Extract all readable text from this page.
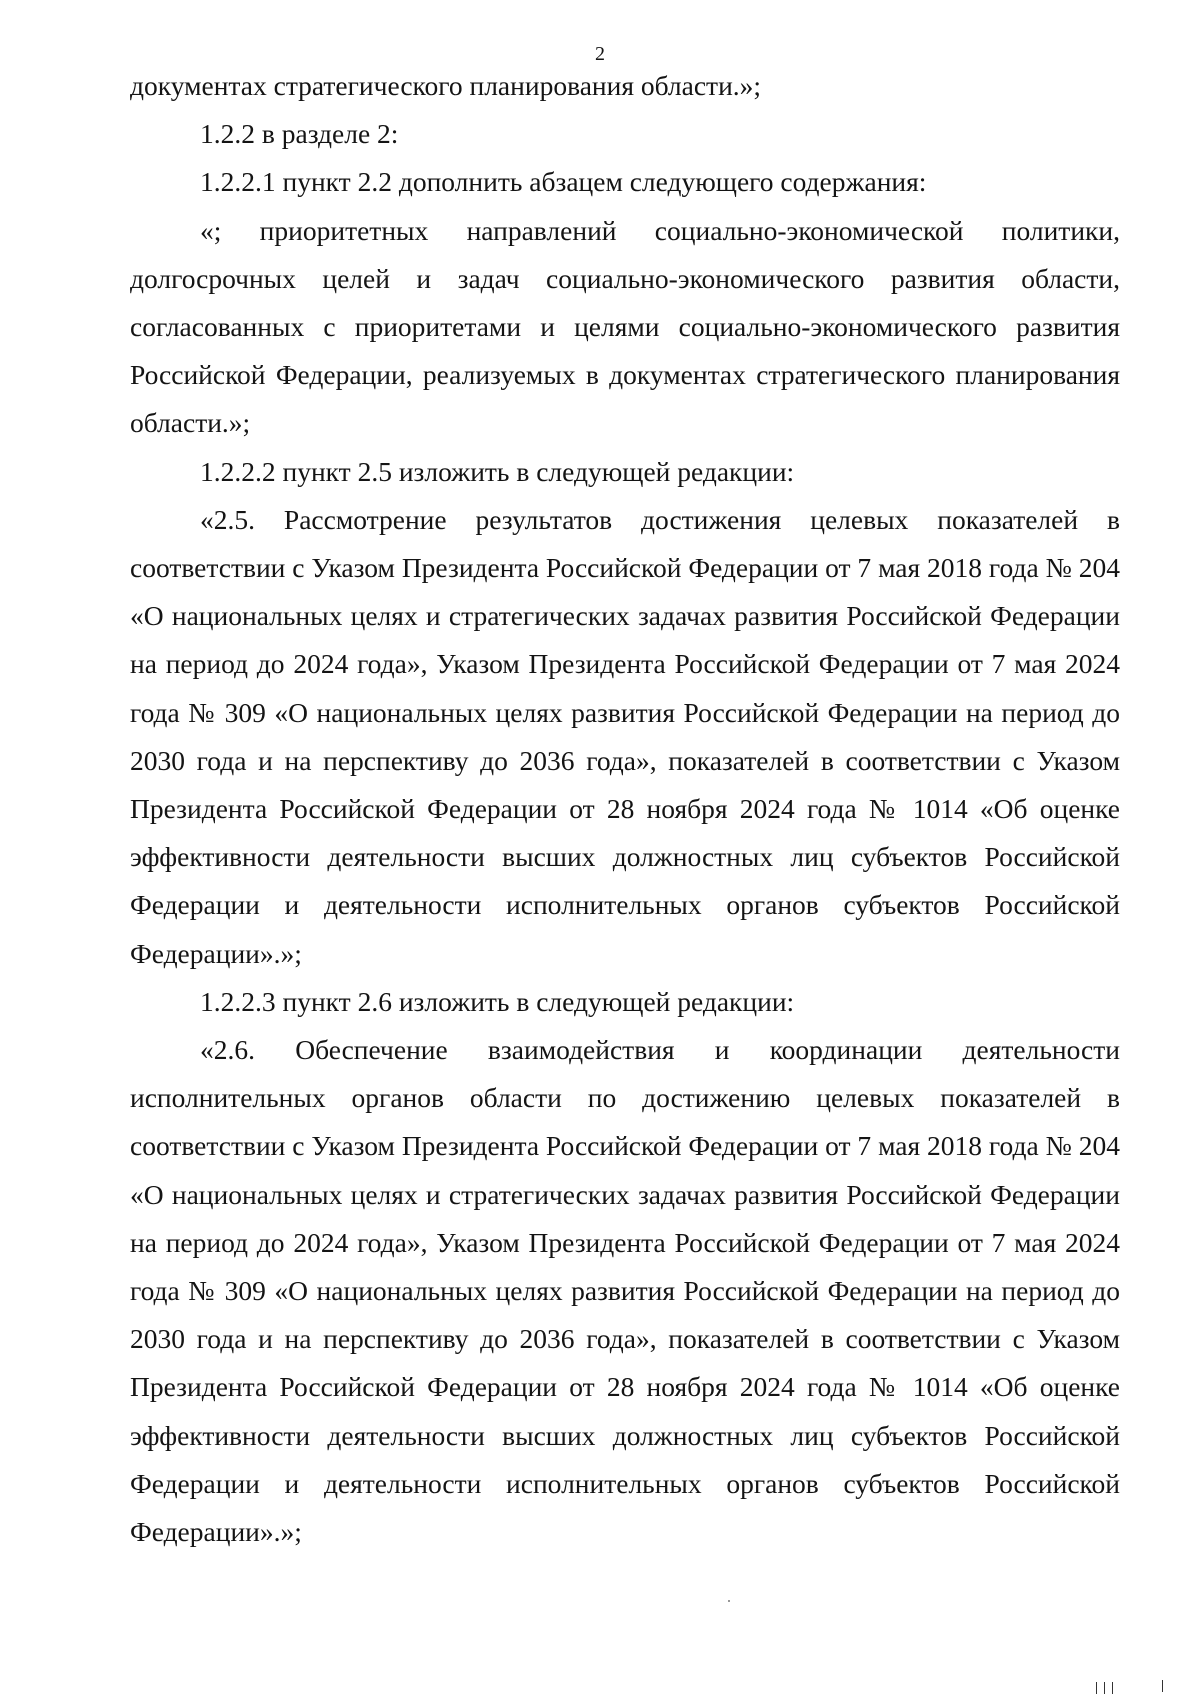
2

документах стратегического планирования области.»;

1.2.2 в разделе 2:

1.2.2.1 пункт 2.2 дополнить абзацем следующего содержания:

«; приоритетных направлений социально-экономической политики, долгосрочных целей и задач социально-экономического развития области, согласованных с приоритетами и целями социально-экономического развития Российской Федерации, реализуемых в документах стратегического планирования области.»;

1.2.2.2 пункт 2.5 изложить в следующей редакции:

«2.5. Рассмотрение результатов достижения целевых показателей в соответствии с Указом Президента Российской Федерации от 7 мая 2018 года № 204 «О национальных целях и стратегических задачах развития Российской Федерации на период до 2024 года», Указом Президента Российской Федерации от 7 мая 2024 года № 309 «О национальных целях развития Российской Федерации на период до 2030 года и на перспективу до 2036 года», показателей в соответствии с Указом Президента Российской Федерации от 28 ноября 2024 года № 1014 «Об оценке эффективности деятельности высших должностных лиц субъектов Российской Федерации и деятельности исполнительных органов субъектов Российской Федерации».»;

1.2.2.3 пункт 2.6 изложить в следующей редакции:

«2.6. Обеспечение взаимодействия и координации деятельности исполнительных органов области по достижению целевых показателей в соответствии с Указом Президента Российской Федерации от 7 мая 2018 года № 204 «О национальных целях и стратегических задачах развития Российской Федерации на период до 2024 года», Указом Президента Российской Федерации от 7 мая 2024 года № 309 «О национальных целях развития Российской Федерации на период до 2030 года и на перспективу до 2036 года», показателей в соответствии с Указом Президента Российской Федерации от 28 ноября 2024 года № 1014 «Об оценке эффективности деятельности высших должностных лиц субъектов Российской Федерации и деятельности исполнительных органов субъектов Российской Федерации».»;
